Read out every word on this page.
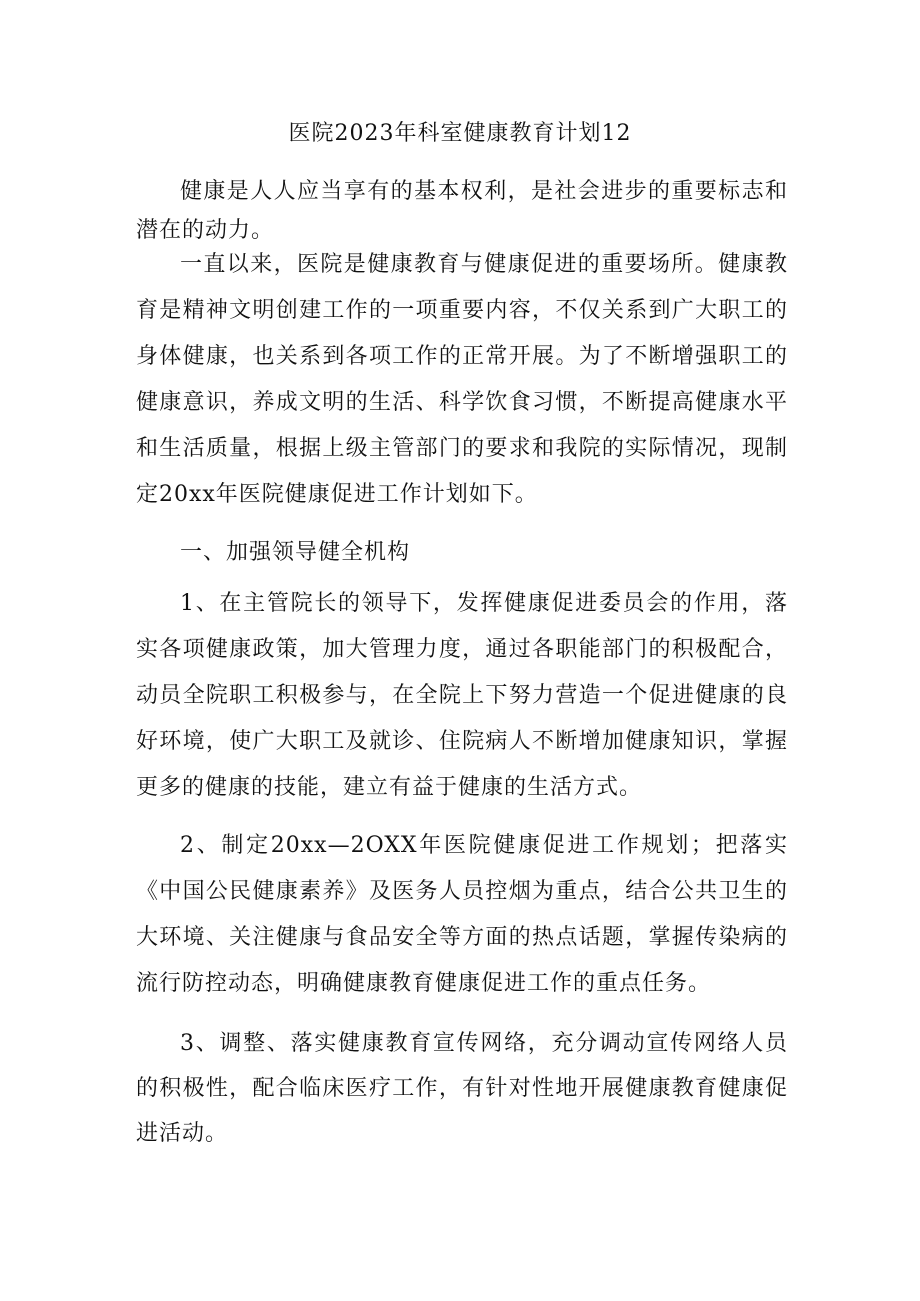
医院2023年科室健康教育计划12

健康是人人应当享有的基本权利，是社会进步的重要标志和潜在的动力。

一直以来，医院是健康教育与健康促进的重要场所。健康教育是精神文明创建工作的一项重要内容，不仅关系到广大职工的身体健康，也关系到各项工作的正常开展。为了不断增强职工的健康意识，养成文明的生活、科学饮食习惯，不断提高健康水平和生活质量，根据上级主管部门的要求和我院的实际情况，现制定20xx年医院健康促进工作计划如下。

一、加强领导健全机构

1、在主管院长的领导下，发挥健康促进委员会的作用，落实各项健康政策，加大管理力度，通过各职能部门的积极配合，动员全院职工积极参与，在全院上下努力营造一个促进健康的良好环境，使广大职工及就诊、住院病人不断增加健康知识，掌握更多的健康的技能，建立有益于健康的生活方式。

2、制定20xx—2OXX年医院健康促进工作规划；把落实《中国公民健康素养》及医务人员控烟为重点，结合公共卫生的大环境、关注健康与食品安全等方面的热点话题，掌握传染病的流行防控动态，明确健康教育健康促进工作的重点任务。

3、调整、落实健康教育宣传网络，充分调动宣传网络人员的积极性，配合临床医疗工作，有针对性地开展健康教育健康促进活动。
